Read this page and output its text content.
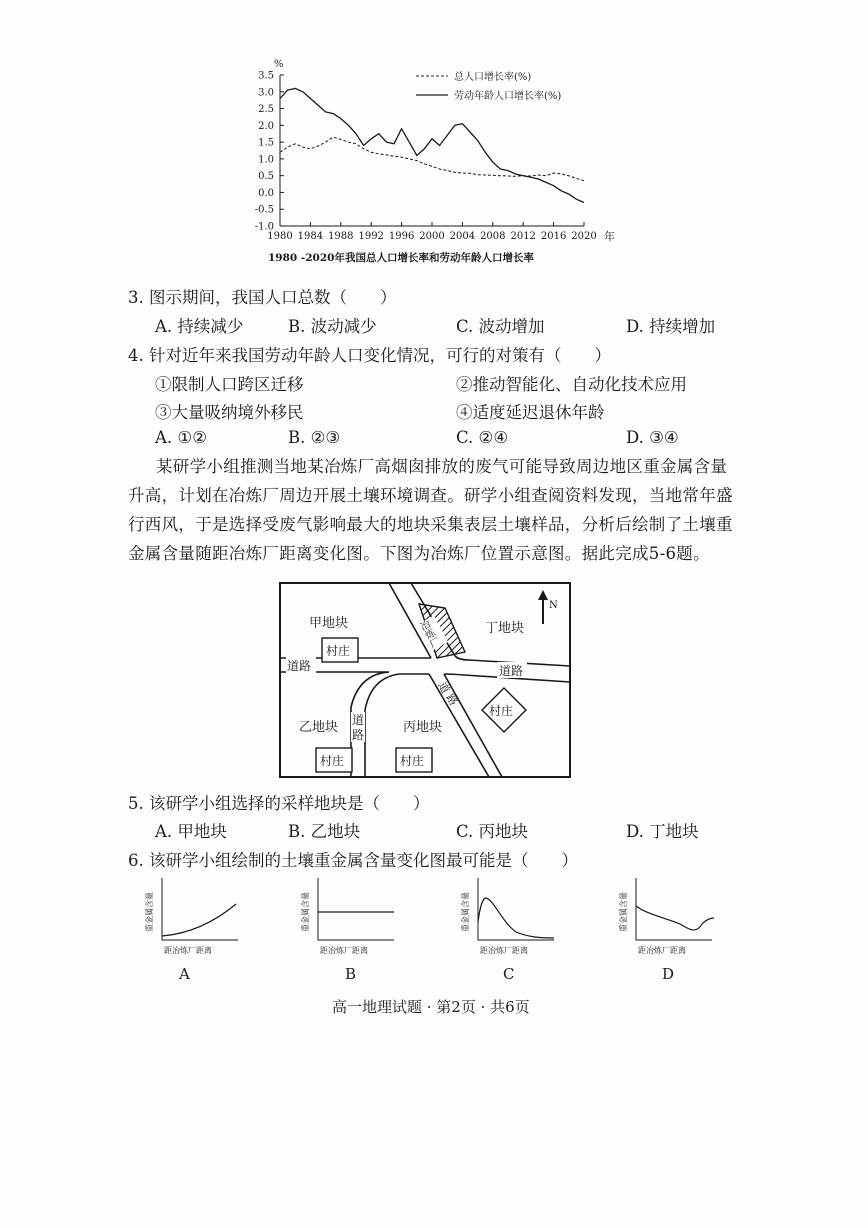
3.5
3.0
2.5
2.0
1.5
1.0
0.5
0.0
-0.5
-1.0
1980 1984 1988 1992 1996 2000 2004 2008 2012 2016 2020
%
年
总人口增长率(%)
劳动年龄人口增长率(%)
1980 -2020年我国总人口增长率和劳动年龄人口增长率
3. 图示期间，我国人口总数（　　）
A. 持续减少	B. 波动减少	C. 波动增加	D. 持续增加
4. 针对近年来我国劳动年龄人口变化情况，可行的对策有（　　）
①限制人口跨区迁移	②推动智能化、自动化技术应用
③大量吸纳境外移民	④适度延迟退休年龄
A. ①②	B. ②③	C. ②④	D. ③④
某研学小组推测当地某冶炼厂高烟囱排放的废气可能导致周边地区重金属含量
升高，计划在冶炼厂周边开展土壤环境调查。研学小组查阅资料发现，当地常年盛
行西风，于是选择受废气影响最大的地块采集表层土壤样品，分析后绘制了土壤重
金属含量随距冶炼厂距离变化图。下图为冶炼厂位置示意图。据此完成5-6题。
冶
炼
厂
N
甲地块	丁地块
乙地块	丙地块
道路	道路
道
路
道
路
村庄
村庄	村庄
村庄
5. 该研学小组选择的采样地块是（　　）
A. 甲地块	B. 乙地块	C. 丙地块	D. 丁地块
6. 该研学小组绘制的土壤重金属含量变化图最可能是（　　）
重金属含量
距冶炼厂距离
重金属含量
距冶炼厂距离
重金属含量
距冶炼厂距离
重金属含量
距冶炼厂距离
A	B	C	D
高一地理试题 · 第2页 · 共6页
